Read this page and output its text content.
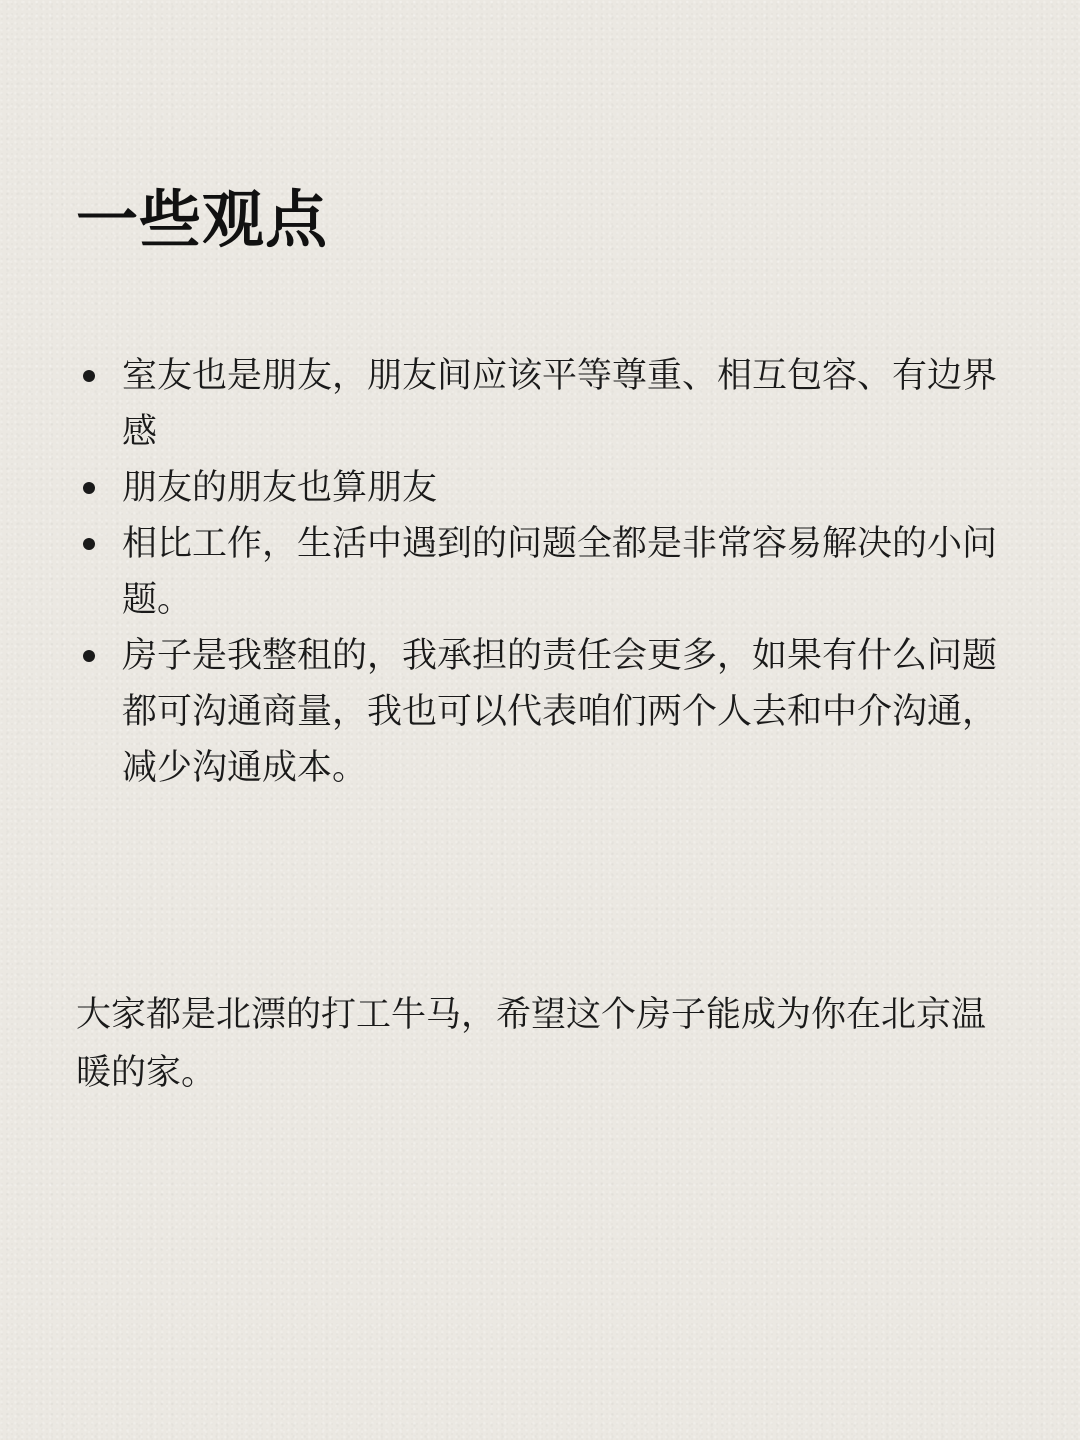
一些观点
室友也是朋友，朋友间应该平等尊重、相互包容、有边界感
朋友的朋友也算朋友
相比工作，生活中遇到的问题全都是非常容易解决的小问题。
房子是我整租的，我承担的责任会更多，如果有什么问题都可沟通商量，我也可以代表咱们两个人去和中介沟通，减少沟通成本。

大家都是北漂的打工牛马，希望这个房子能成为你在北京温暖的家。
